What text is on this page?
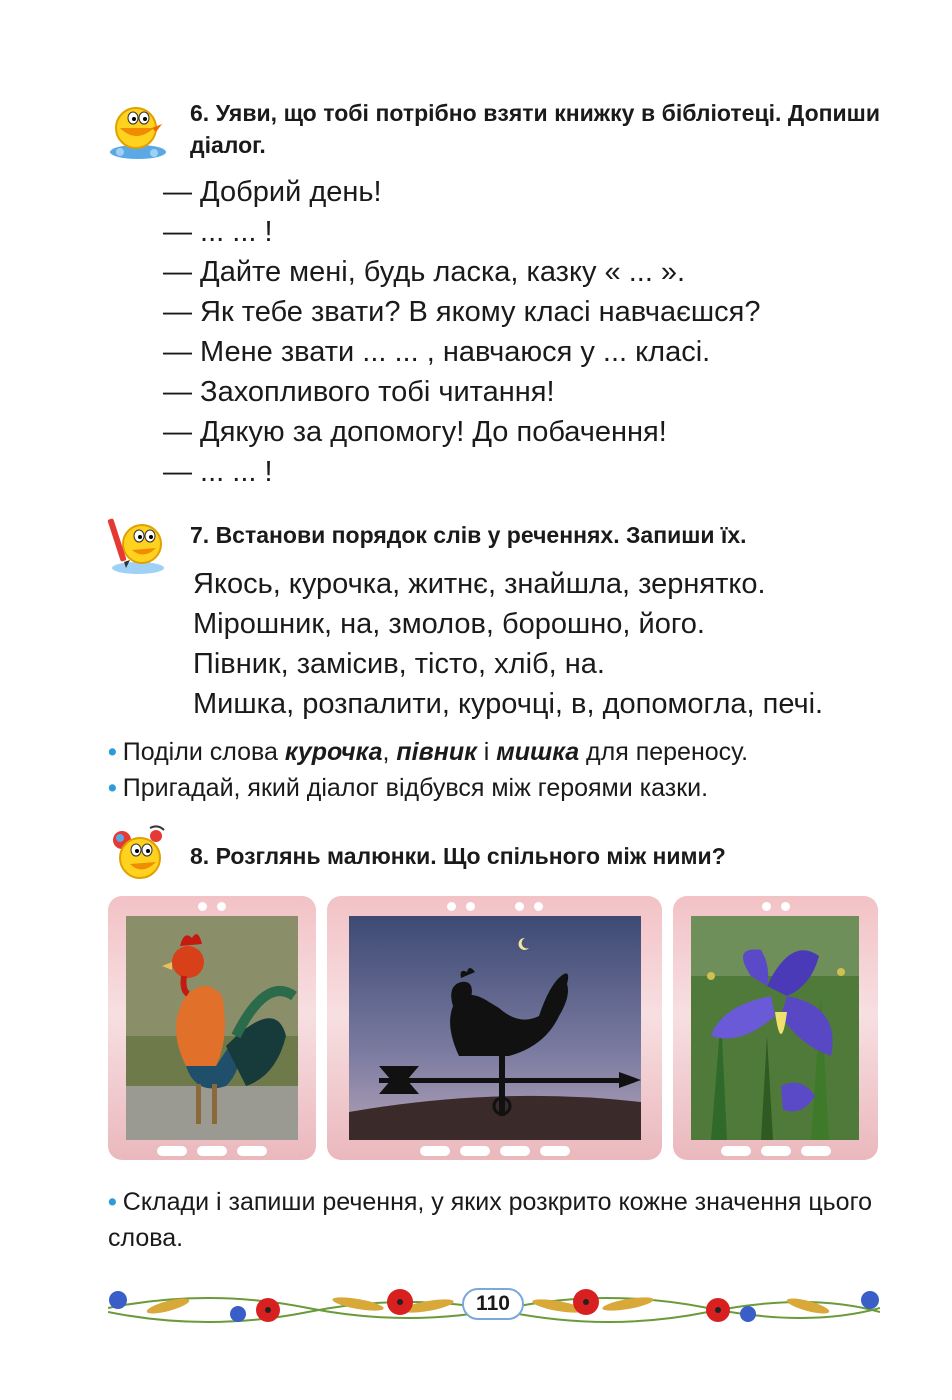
6. Уяви, що тобі потрібно взяти книжку в бібліотеці. Допиши діалог.
— Добрий день!
— ... ... !
— Дайте мені, будь ласка, казку « ... ».
— Як тебе звати? В якому класі навчаєшся?
— Мене звати ... ... , навчаюся у ... класі.
— Захопливого тобі читання!
— Дякую за допомогу! До побачення!
— ... ... !
7. Встанови порядок слів у реченнях. Запиши їх.
Якось, курочка, житнє, знайшла, зернятко.
Мірошник, на, змолов, борошно, його.
Півник, замісив, тісто, хліб, на.
Мишка, розпалити, курочці, в, допомогла, печі.
• Поділи слова курочка, півник і мишка для переносу.
• Пригадай, який діалог відбувся між героями казки.
8. Розглянь малюнки. Що спільного між ними?
• Склади і запиши речення, у яких розкрито кожне значення цього слова.
110
